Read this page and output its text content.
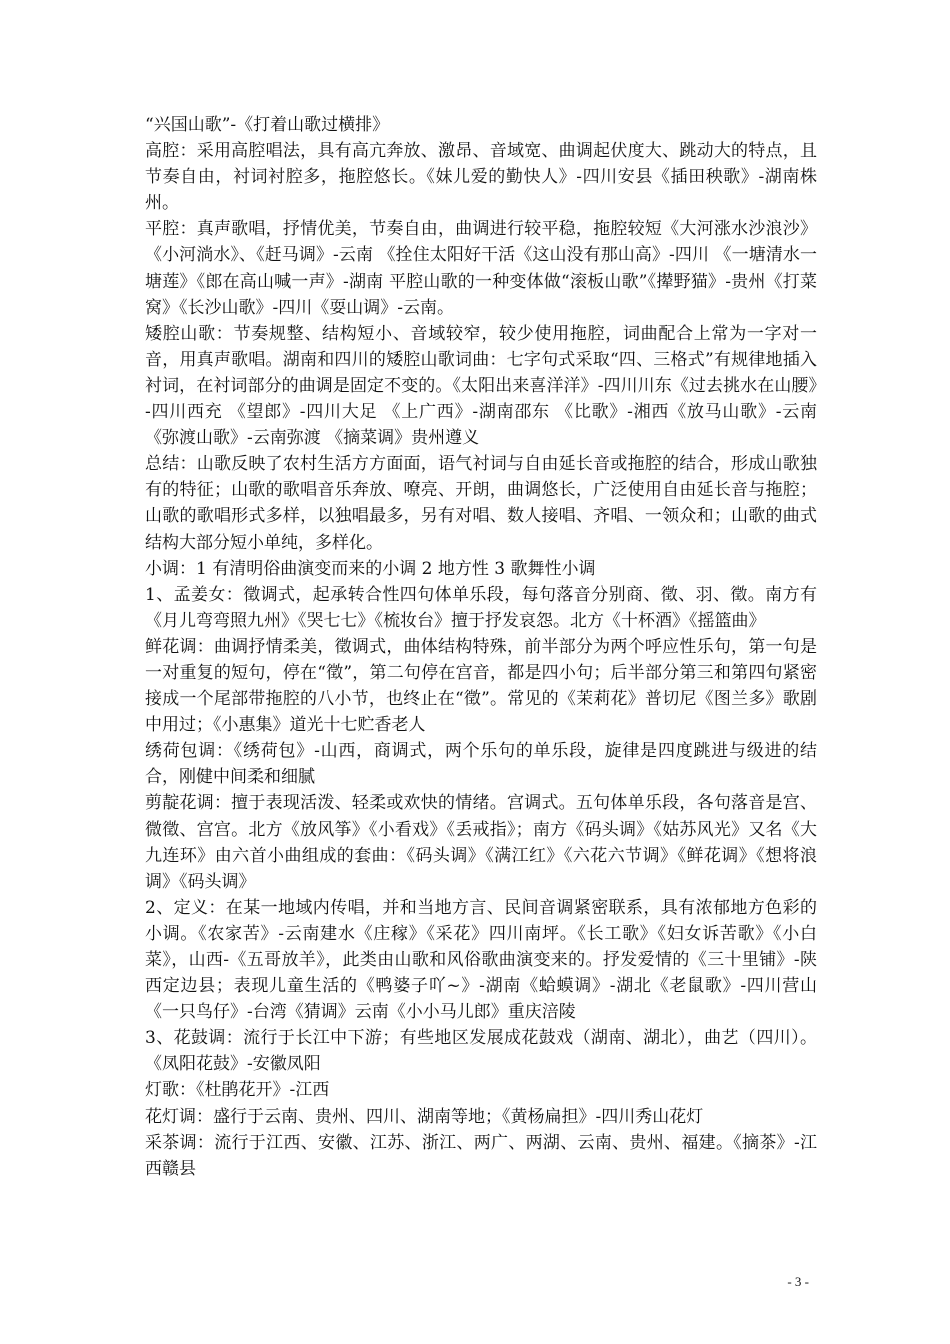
“兴国山歌”-《打着山歌过横排》

高腔：采用高腔唱法，具有高亢奔放、激昂、音域宽、曲调起伏度大、跳动大的特点，且节奏自由，衬词衬腔多，拖腔悠长。《妹儿爱的勤快人》-四川安县《插田秧歌》-湖南株州。

平腔：真声歌唱，抒情优美，节奏自由，曲调进行较平稳，拖腔较短《大河涨水沙浪沙》《小河淌水》、《赶马调》-云南 《拴住太阳好干活《这山没有那山高》-四川 《一塘清水一塘莲》《郎在高山喊一声》-湖南 平腔山歌的一种变体做“滚板山歌”《撵野猫》-贵州《打菜窝》《长沙山歌》-四川《耍山调》-云南。

矮腔山歌：节奏规整、结构短小、音域较窄，较少使用拖腔，词曲配合上常为一字对一音，用真声歌唱。湖南和四川的矮腔山歌词曲：七字句式采取“四、三格式”有规律地插入衬词，在衬词部分的曲调是固定不变的。《太阳出来喜洋洋》-四川川东《过去挑水在山腰》-四川西充 《望郎》-四川大足 《上广西》-湖南邵东 《比歌》-湘西《放马山歌》-云南 《弥渡山歌》-云南弥渡 《摘菜调》贵州遵义

总结：山歌反映了农村生活方方面面，语气衬词与自由延长音或拖腔的结合，形成山歌独有的特征；山歌的歌唱音乐奔放、嘹亮、开朗，曲调悠长，广泛使用自由延长音与拖腔；山歌的歌唱形式多样，以独唱最多，另有对唱、数人接唱、齐唱、一领众和；山歌的曲式结构大部分短小单纯，多样化。

小调：1 有清明俗曲演变而来的小调 2 地方性 3 歌舞性小调

1、孟姜女：徵调式，起承转合性四句体单乐段，每句落音分别商、徵、羽、徵。南方有《月儿弯弯照九州》《哭七七》《梳妆台》擅于抒发哀怨。北方《十杯酒》《摇篮曲》

鲜花调：曲调抒情柔美，徵调式，曲体结构特殊，前半部分为两个呼应性乐句，第一句是一对重复的短句，停在“徵”，第二句停在宫音，都是四小句；后半部分第三和第四句紧密接成一个尾部带拖腔的八小节，也终止在“徵”。常见的《茉莉花》普切尼《图兰多》歌剧中用过；《小惠集》道光十七贮香老人

绣荷包调：《绣荷包》-山西，商调式，两个乐句的单乐段，旋律是四度跳进与级进的结合，刚健中间柔和细腻

剪靛花调：擅于表现活泼、轻柔或欢快的情绪。宫调式。五句体单乐段，各句落音是宫、微徵、宫宫。北方《放风筝》《小看戏》《丢戒指》；南方《码头调》《姑苏风光》又名《大九连环》由六首小曲组成的套曲：《码头调》《满江红》《六花六节调》《鲜花调》《想将浪调》《码头调》

2、定义：在某一地域内传唱，并和当地方言、民间音调紧密联系，具有浓郁地方色彩的小调。《农家苦》-云南建水《庄稼》《采花》四川南坪。《长工歌》《妇女诉苦歌》《小白菜》，山西-《五哥放羊》，此类由山歌和风俗歌曲演变来的。抒发爱情的《三十里铺》-陕西定边县；表现儿童生活的《鸭婆子吖~》-湖南《蛤蟆调》-湖北《老鼠歌》-四川营山《一只鸟仔》-台湾《猜调》云南《小小马儿郎》重庆涪陵

3、花鼓调：流行于长江中下游；有些地区发展成花鼓戏（湖南、湖北），曲艺（四川）。《凤阳花鼓》-安徽凤阳

灯歌：《杜鹃花开》-江西

花灯调：盛行于云南、贵州、四川、湖南等地；《黄杨扁担》-四川秀山花灯

采茶调：流行于江西、安徽、江苏、浙江、两广、两湖、云南、贵州、福建。《摘茶》-江西赣县

- 3 -
